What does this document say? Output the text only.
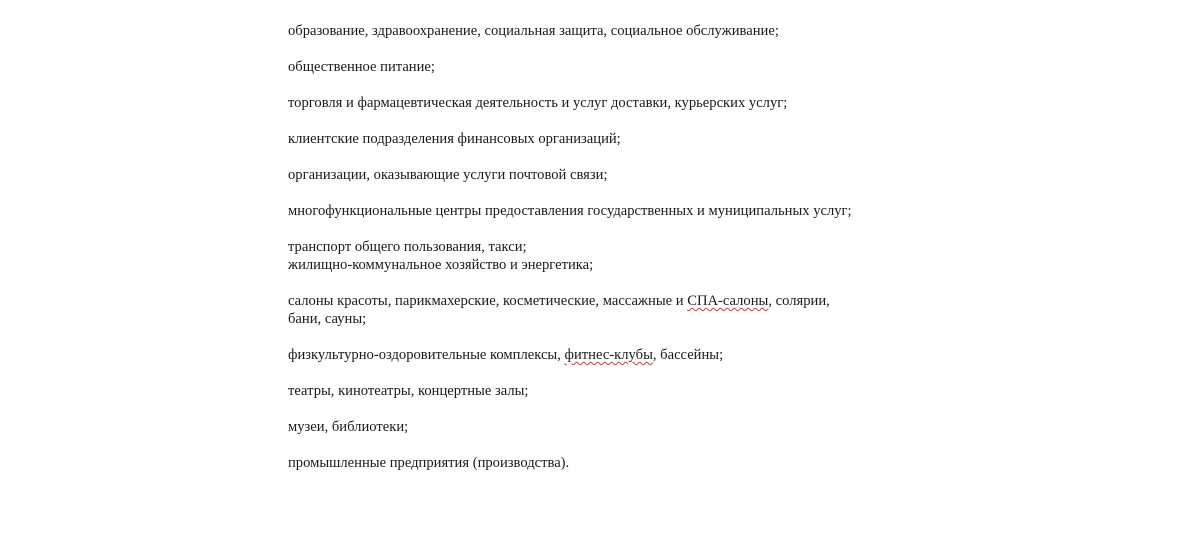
образование, здравоохранение, социальная защита, социальное обслуживание;

общественное питание;

торговля и фармацевтическая деятельность и услуг доставки, курьерских услуг;

клиентские подразделения финансовых организаций;

организации, оказывающие услуги почтовой связи;

многофункциональные центры предоставления государственных и муниципальных услуг;

транспорт общего пользования, такси;
жилищно-коммунальное хозяйство и энергетика;

салоны красоты, парикмахерские, косметические, массажные и СПА-салоны, солярии,
бани, сауны;

физкультурно-оздоровительные комплексы, фитнес-клубы, бассейны;

театры, кинотеатры, концертные залы;

музеи, библиотеки;

промышленные предприятия (производства).
